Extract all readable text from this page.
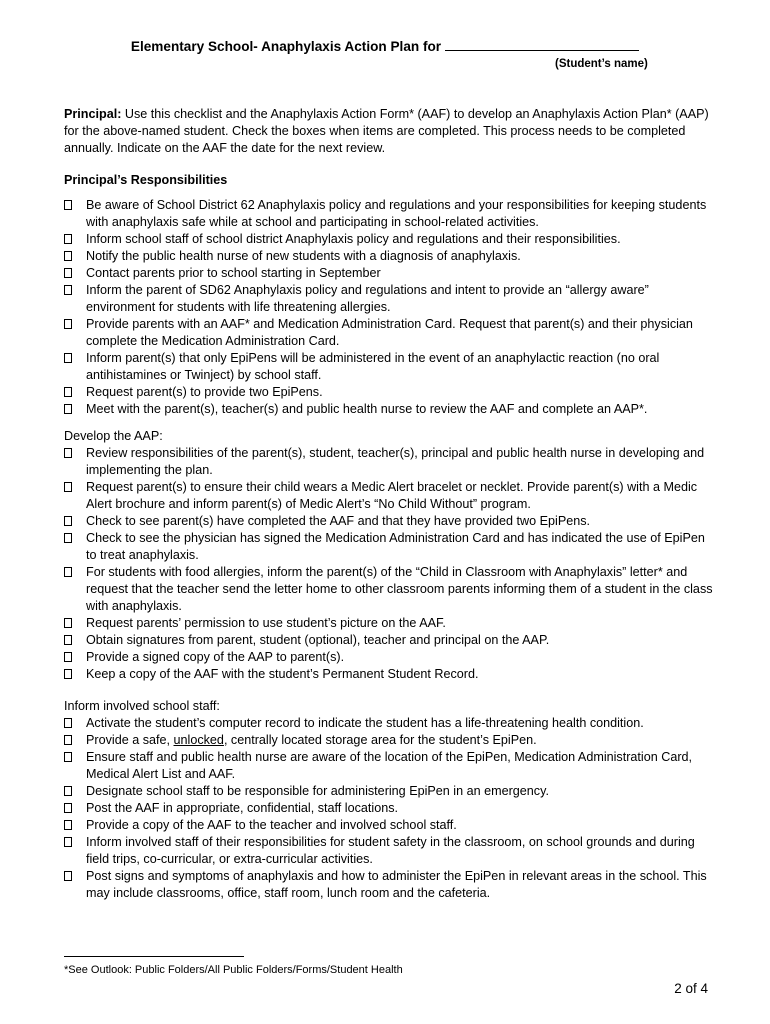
Elementary School- Anaphylaxis Action Plan for
(Student’s name)
Principal: Use this checklist and the Anaphylaxis Action Form* (AAF) to develop an Anaphylaxis Action Plan* (AAP) for the above-named student. Check the boxes when items are completed. This process needs to be completed annually. Indicate on the AAF the date for the next review.
Principal’s Responsibilities
Be aware of School District 62 Anaphylaxis policy and regulations and your responsibilities for keeping students with anaphylaxis safe while at school and participating in school-related activities.
Inform school staff of school district Anaphylaxis policy and regulations and their responsibilities.
Notify the public health nurse of new students with a diagnosis of anaphylaxis.
Contact parents prior to school starting in September
Inform the parent of SD62 Anaphylaxis policy and regulations and intent to provide an “allergy aware” environment for students with life threatening allergies.
Provide parents with an AAF* and Medication Administration Card. Request that parent(s) and their physician complete the Medication Administration Card.
Inform parent(s) that only EpiPens will be administered in the event of an anaphylactic reaction (no oral antihistamines or Twinject) by school staff.
Request parent(s) to provide two EpiPens.
Meet with the parent(s), teacher(s) and public health nurse to review the AAF and complete an AAP*.
Develop the AAP:
Review responsibilities of the parent(s), student, teacher(s), principal and public health nurse in developing and implementing the plan.
Request parent(s) to ensure their child wears a Medic Alert bracelet or necklet. Provide parent(s) with a Medic Alert brochure and inform parent(s) of Medic Alert’s “No Child Without” program.
Check to see parent(s) have completed the AAF and that they have provided two EpiPens.
Check to see the physician has signed the Medication Administration Card and has indicated the use of EpiPen to treat anaphylaxis.
For students with food allergies, inform the parent(s) of the “Child in Classroom with Anaphylaxis” letter* and request that the teacher send the letter home to other classroom parents informing them of a student in the class with anaphylaxis.
Request parents’ permission to use student’s picture on the AAF.
Obtain signatures from parent, student (optional), teacher and principal on the AAP.
Provide a signed copy of the AAP to parent(s).
Keep a copy of the AAF with the student’s Permanent Student Record.
Inform involved school staff:
Activate the student’s computer record to indicate the student has a life-threatening health condition.
Provide a safe, unlocked, centrally located storage area for the student’s EpiPen.
Ensure staff and public health nurse are aware of the location of the EpiPen, Medication Administration Card, Medical Alert List and AAF.
Designate school staff to be responsible for administering EpiPen in an emergency.
Post the AAF in appropriate, confidential, staff locations.
Provide a copy of the AAF to the teacher and involved school staff.
Inform involved staff of their responsibilities for student safety in the classroom, on school grounds and during field trips, co-curricular, or extra-curricular activities.
Post signs and symptoms of anaphylaxis and how to administer the EpiPen in relevant areas in the school. This may include classrooms, office, staff room, lunch room and the cafeteria.
*See Outlook: Public Folders/All Public Folders/Forms/Student Health
2 of 4
